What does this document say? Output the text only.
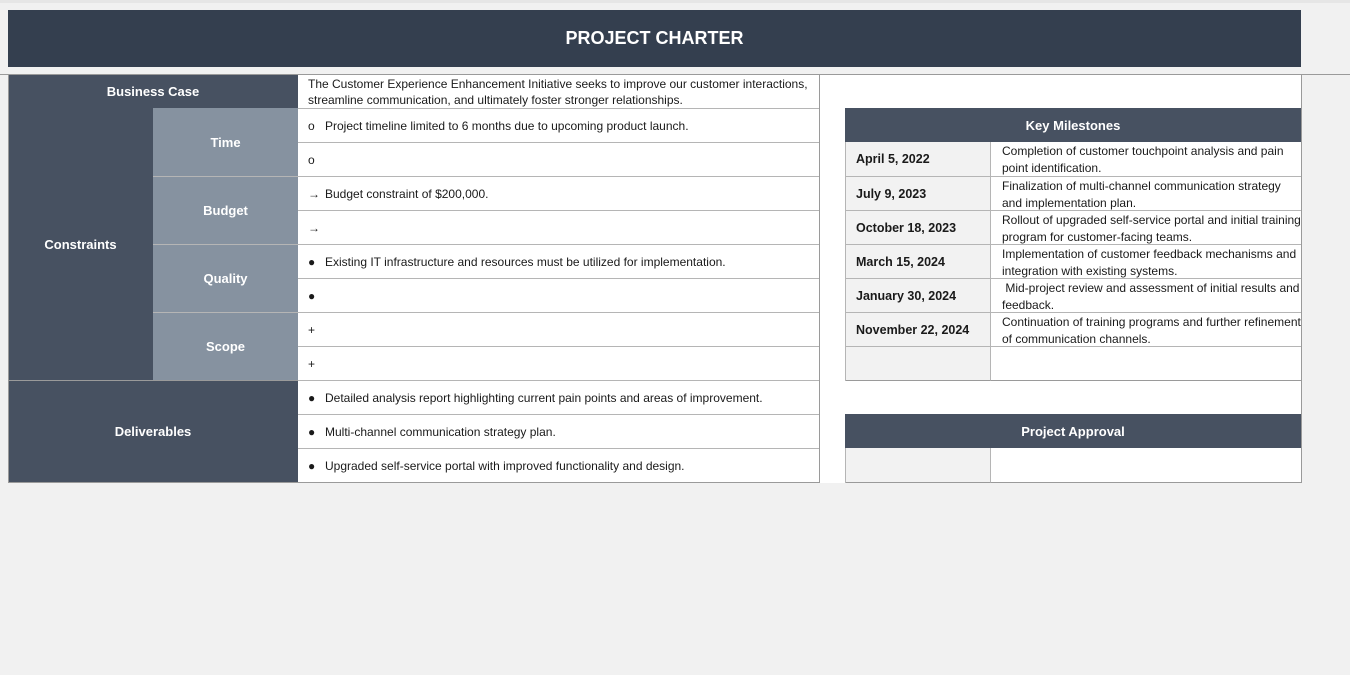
PROJECT CHARTER
Business Case	The Customer Experience Enhancement Initiative seeks to improve our customer interactions, streamline communication, and ultimately foster stronger relationships.
Constraints
Time
Budget
Quality
Scope
o Project timeline limited to 6 months due to upcoming product launch.
o
→ Budget constraint of $200,000.
→
● Existing IT infrastructure and resources must be utilized for implementation.
●
+
+
Deliverables
● Detailed analysis report highlighting current pain points and areas of improvement.
● Multi-channel communication strategy plan.
● Upgraded self-service portal with improved functionality and design.
Key Milestones
April 5, 2022
Completion of customer touchpoint analysis and pain point identification.
July 9, 2023
Finalization of multi-channel communication strategy and implementation plan.
October 18, 2023
Rollout of upgraded self-service portal and initial training program for customer-facing teams.
March 15, 2024
Implementation of customer feedback mechanisms and integration with existing systems.
January 30, 2024
Mid-project review and assessment of initial results and feedback.
November 22, 2024
Continuation of training programs and further refinement of communication channels.
Project Approval
